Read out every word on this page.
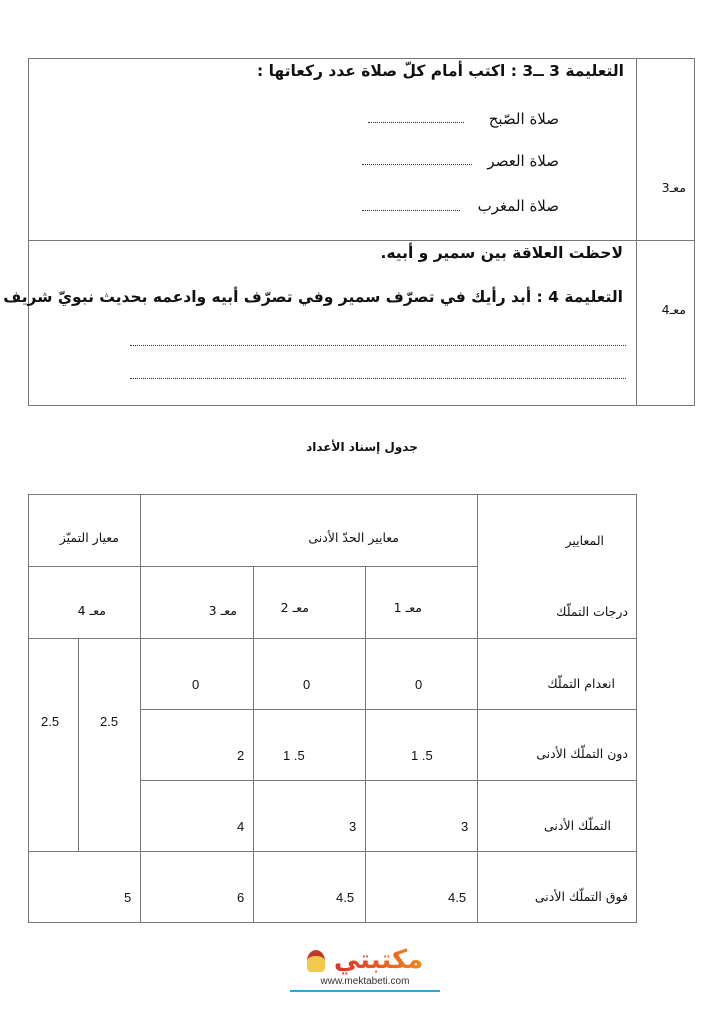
معـ3
التعليمة 3 ــ3 : اكتب أمام كلّ صلاة عدد ركعاتها :
صلاة الصّبح
صلاة العصر
صلاة المغرب
معـ4
لاحظت العلاقة بين سمير و أبيه.
التعليمة 4 : أبد رأيك في تصرّف سمير وفي تصرّف أبيه وادعمه بحديث نبويّ شريف
جدول إسناد الأعداد
المعايير
معايير الحدّ الأدنى
معيار التميّز
درجات التملّك
معـ 1
معـ 2
معـ 3
معـ 4
انعدام التملّك
0
0
0
دون التملّك الأدنى
1 .5
1 .5
2
التملّك الأدنى
3
3
4
فوق التملّك الأدنى
4.5
4.5
6
5
2.5
2.5
مكتبتي
www.mektabeti.com
